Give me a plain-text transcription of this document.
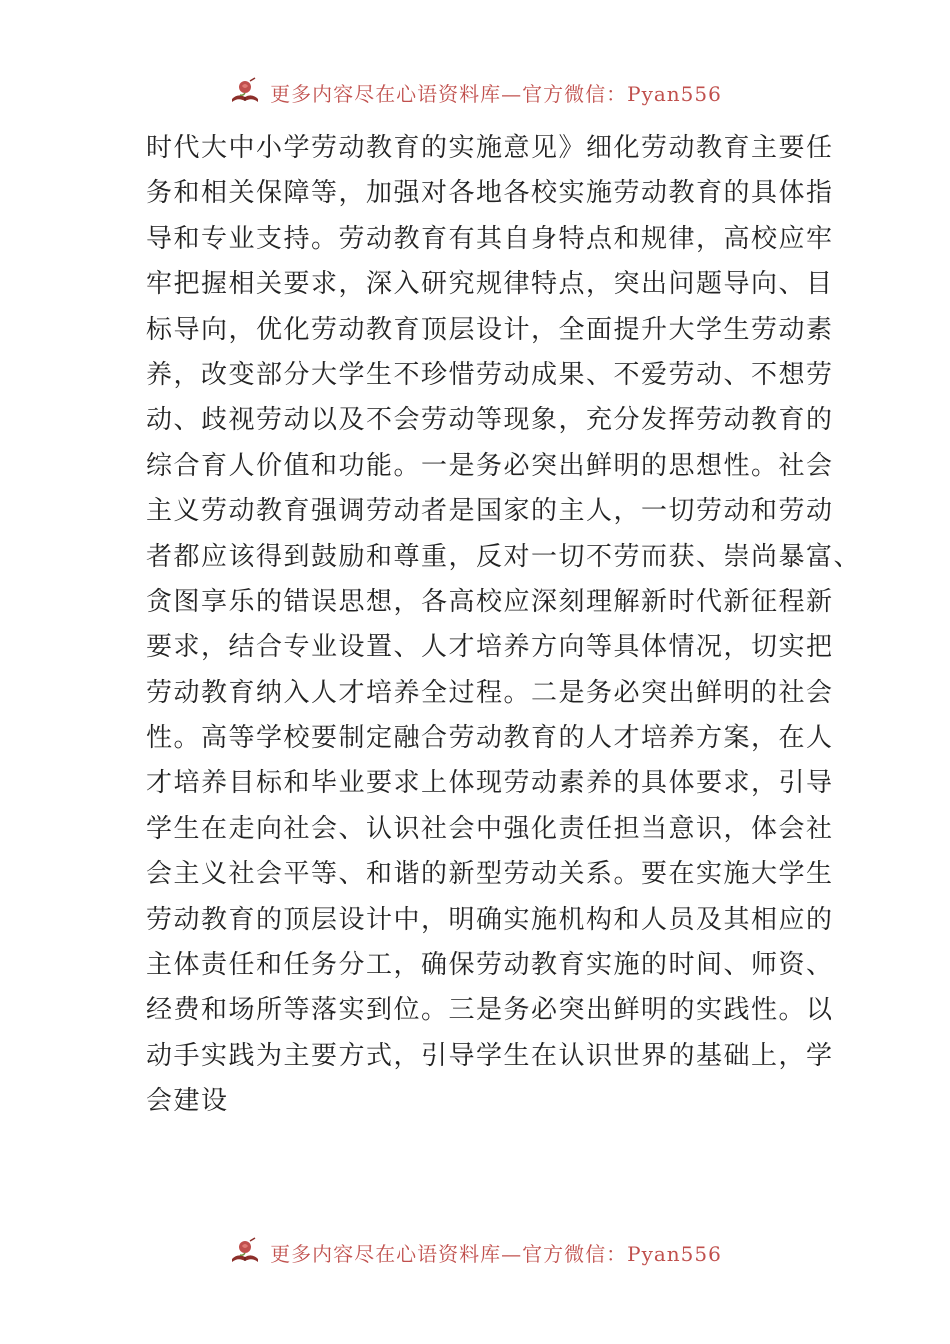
更多内容尽在心语资料库—官方微信：Pyan556
时代大中小学劳动教育的实施意见》细化劳动教育主要任
务和相关保障等，加强对各地各校实施劳动教育的具体指
导和专业支持。劳动教育有其自身特点和规律，高校应牢
牢把握相关要求，深入研究规律特点，突出问题导向、目
标导向，优化劳动教育顶层设计，全面提升大学生劳动素
养，改变部分大学生不珍惜劳动成果、不爱劳动、不想劳
动、歧视劳动以及不会劳动等现象，充分发挥劳动教育的
综合育人价值和功能。一是务必突出鲜明的思想性。社会
主义劳动教育强调劳动者是国家的主人，一切劳动和劳动
者都应该得到鼓励和尊重，反对一切不劳而获、崇尚暴富、
贪图享乐的错误思想，各高校应深刻理解新时代新征程新
要求，结合专业设置、人才培养方向等具体情况，切实把
劳动教育纳入人才培养全过程。二是务必突出鲜明的社会
性。高等学校要制定融合劳动教育的人才培养方案，在人
才培养目标和毕业要求上体现劳动素养的具体要求，引导
学生在走向社会、认识社会中强化责任担当意识，体会社
会主义社会平等、和谐的新型劳动关系。要在实施大学生
劳动教育的顶层设计中，明确实施机构和人员及其相应的
主体责任和任务分工，确保劳动教育实施的时间、师资、
经费和场所等落实到位。三是务必突出鲜明的实践性。以
动手实践为主要方式，引导学生在认识世界的基础上，学
会建设
更多内容尽在心语资料库—官方微信：Pyan556
